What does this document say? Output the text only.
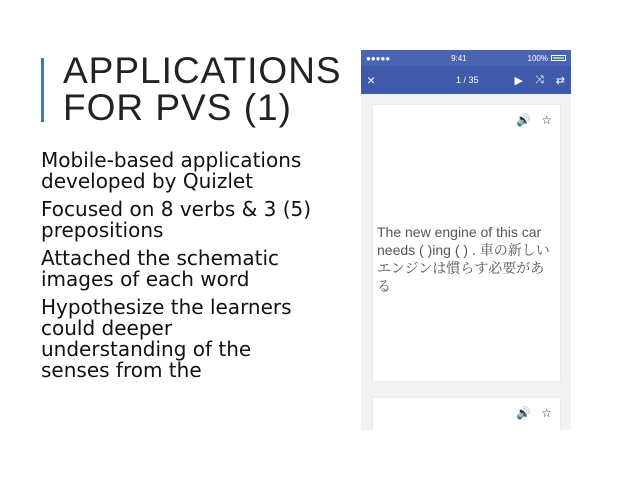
APPLICATIONS
FOR PVS (1)
Mobile-based applications developed by Quizlet
Focused on 8 verbs & 3 (5) prepositions
Attached the schematic images of each word
Hypothesize the learners could deeper understanding of the senses from the
●●●●●	9:41	100%
×	1 / 35	▶ ⤨ ⇄
🔊 ☆
The new engine of this car needs ( )ing ( ) . 車の新しいエンジンは慣らす必要がある
🔊 ☆
